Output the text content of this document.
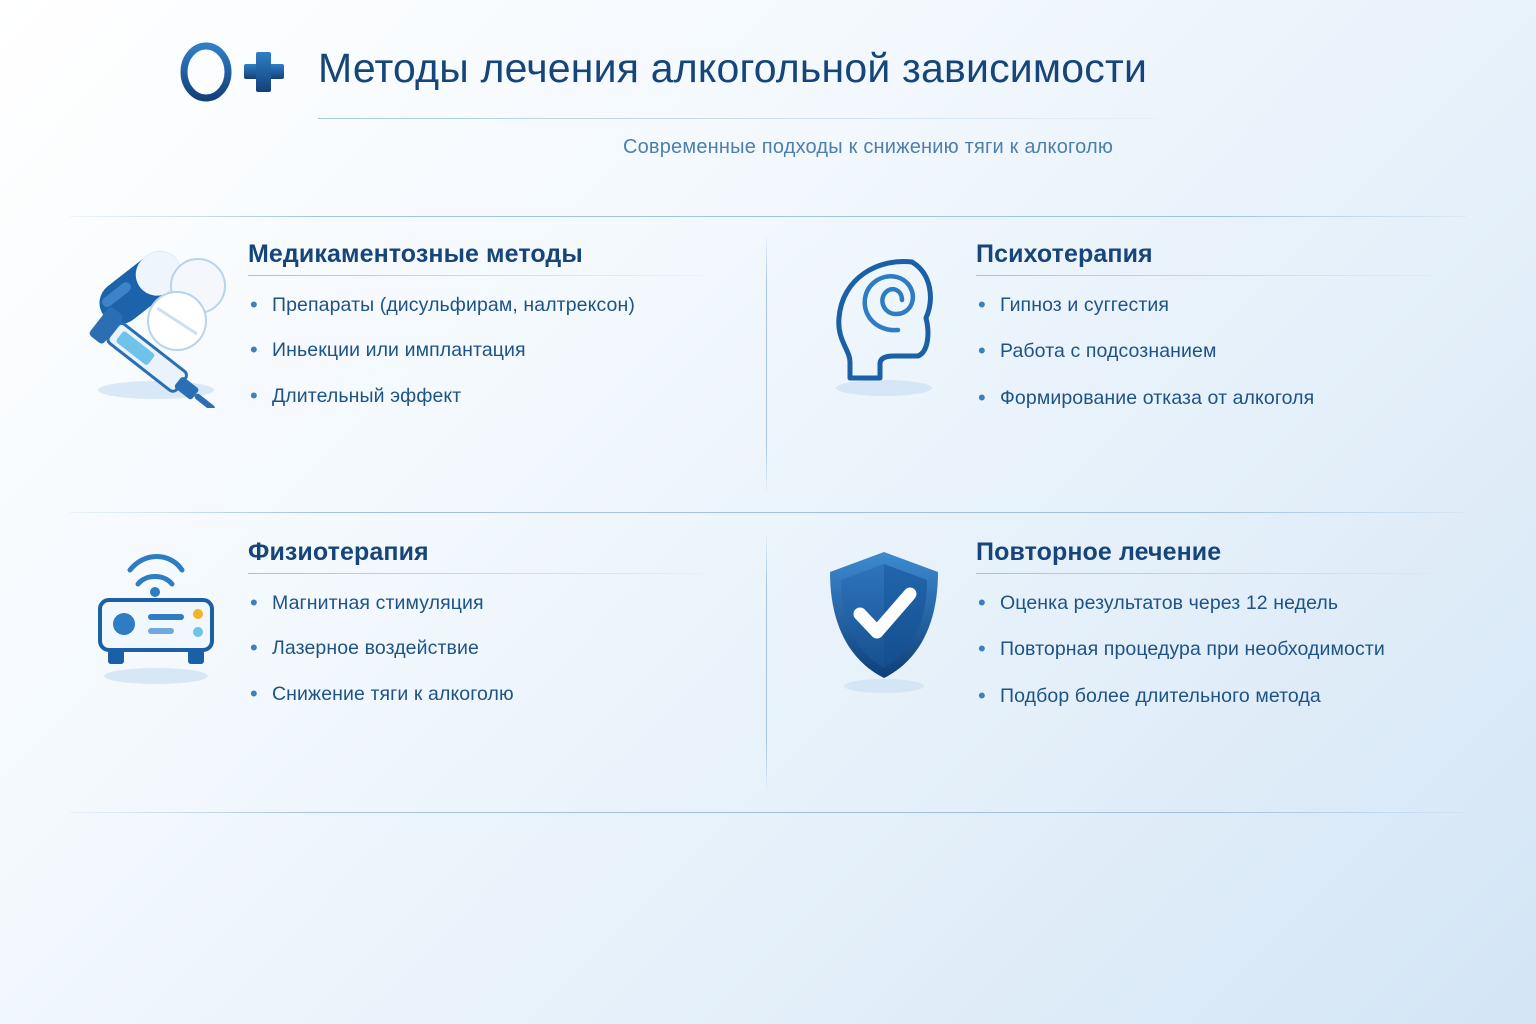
Методы лечения алкогольной зависимости
Современные подходы к снижению тяги к алкоголю
Медикаментозные методы
• Препараты (дисульфирам, налтрексон)
• Иньекции или имплантация
• Длительный эффект
Психотерапия
• Гипноз и суггестия
• Работа с подсознанием
• Формирование отказа от алкоголя
Физиотерапия
• Магнитная стимуляция
• Лазерное воздействие
• Снижение тяги к алкоголю
Повторное лечение
• Оценка результатов через 12 недель
• Повторная процедура при необходимости
• Подбор более длительного метода
